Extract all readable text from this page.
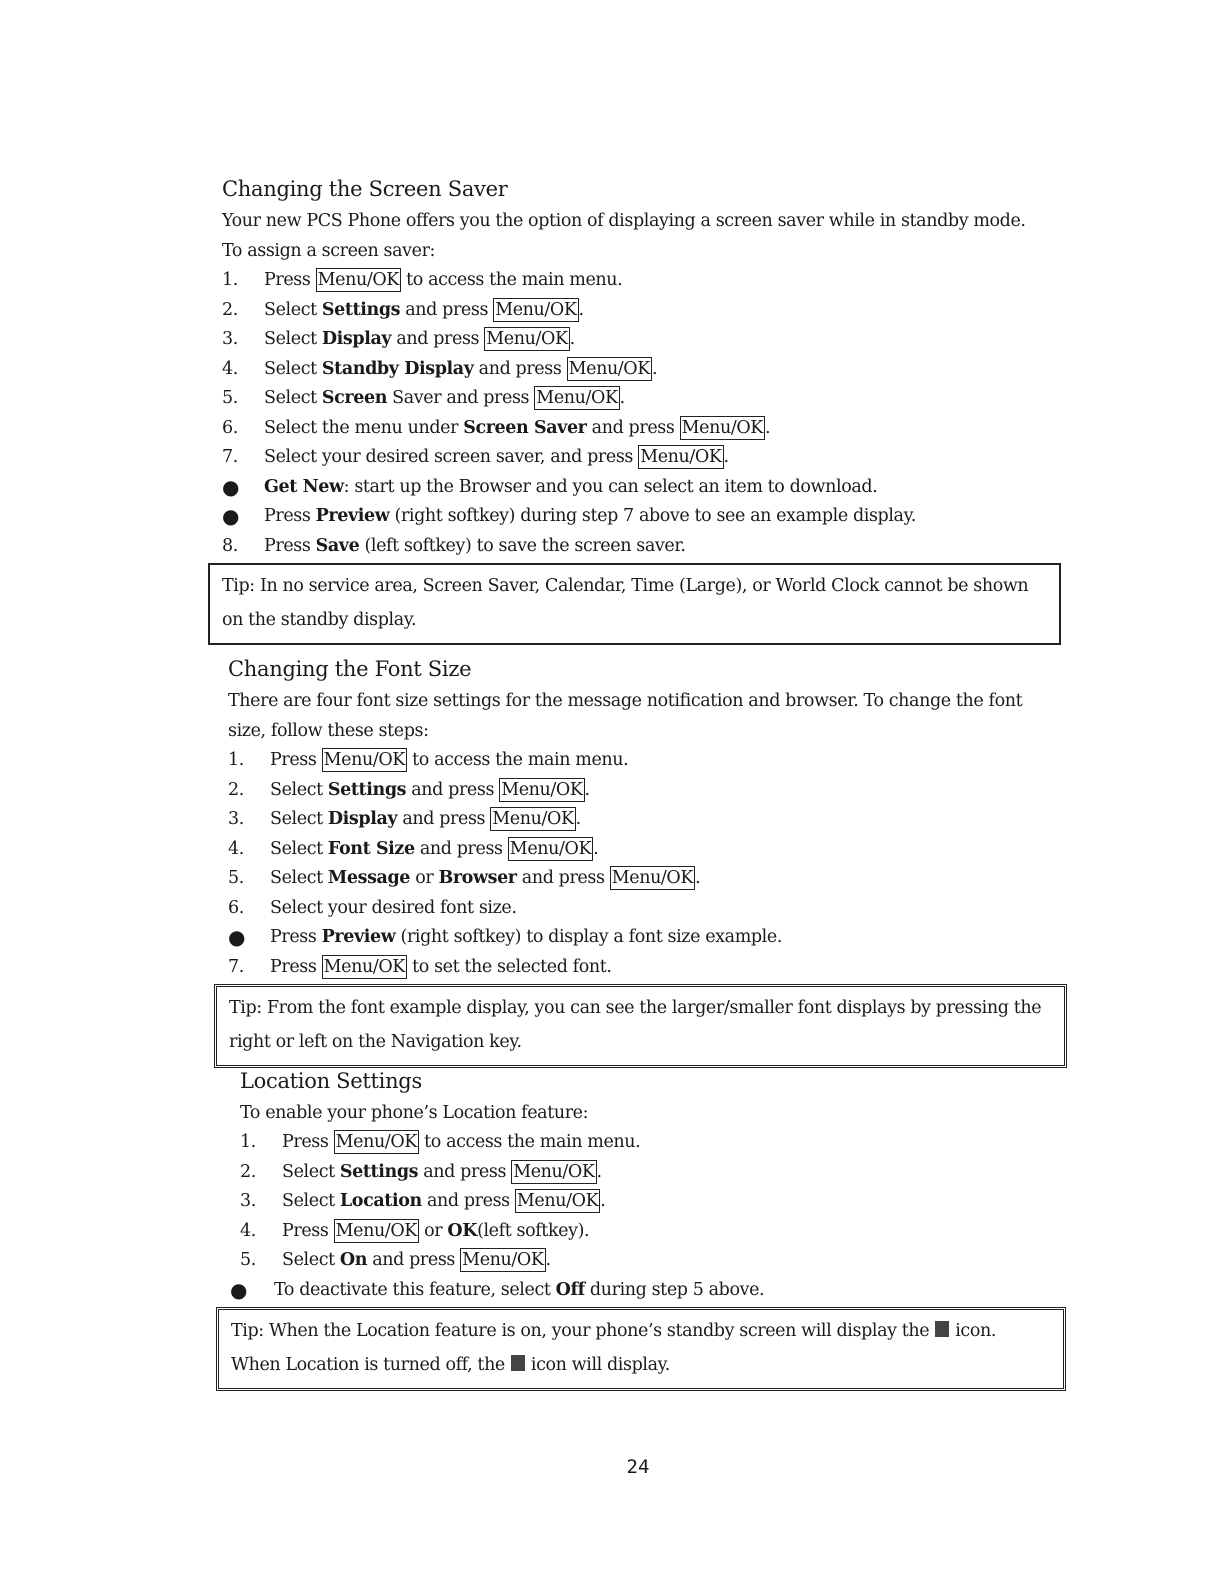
Changing the Screen Saver

Your new PCS Phone offers you the option of displaying a screen saver while in standby mode.

To assign a screen saver:

1.	Press Menu/OK to access the main menu.
2.	Select Settings and press Menu/OK .
3.	Select Display and press Menu/OK .
4.	Select Standby Display and press Menu/OK .
5.	Select Screen Saver and press Menu/OK .
6.	Select the menu under Screen Saver and press Menu/OK .
7.	Select your desired screen saver, and press Menu/OK .
●	Get New: start up the Browser and you can select an item to download.
●	Press Preview (right softkey) during step 7 above to see an example display.
8.	Press Save (left softkey) to save the screen saver.
Tip: In no service area, Screen Saver, Calendar, Time (Large), or World Clock cannot be shown
on the standby display.
Changing the Font Size

There are four font size settings for the message notification and browser. To change the font

size, follow these steps:

1.	Press Menu/OK to access the main menu.
2.	Select Settings and press Menu/OK .
3.	Select Display and press Menu/OK .
4.	Select Font Size and press Menu/OK .
5.	Select Message or Browser and press Menu/OK .
6.	Select your desired font size.
●	Press Preview (right softkey) to display a font size example.
7.	Press Menu/OK to set the selected font.
Tip: From the font example display, you can see the larger/smaller font displays by pressing the
right or left on the Navigation key.
Location Settings

To enable your phone’s Location feature:

1.	Press Menu/OK to access the main menu.
2.	Select Settings and press Menu/OK .
3.	Select Location and press Menu/OK .
4.	Press Menu/OK or OK(left softkey).
5.	Select On and press Menu/OK .
●	To deactivate this feature, select Off during step 5 above.
Tip: When the Location feature is on, your phone’s standby screen will display the icon.
When Location is turned off, the icon will display.
24
